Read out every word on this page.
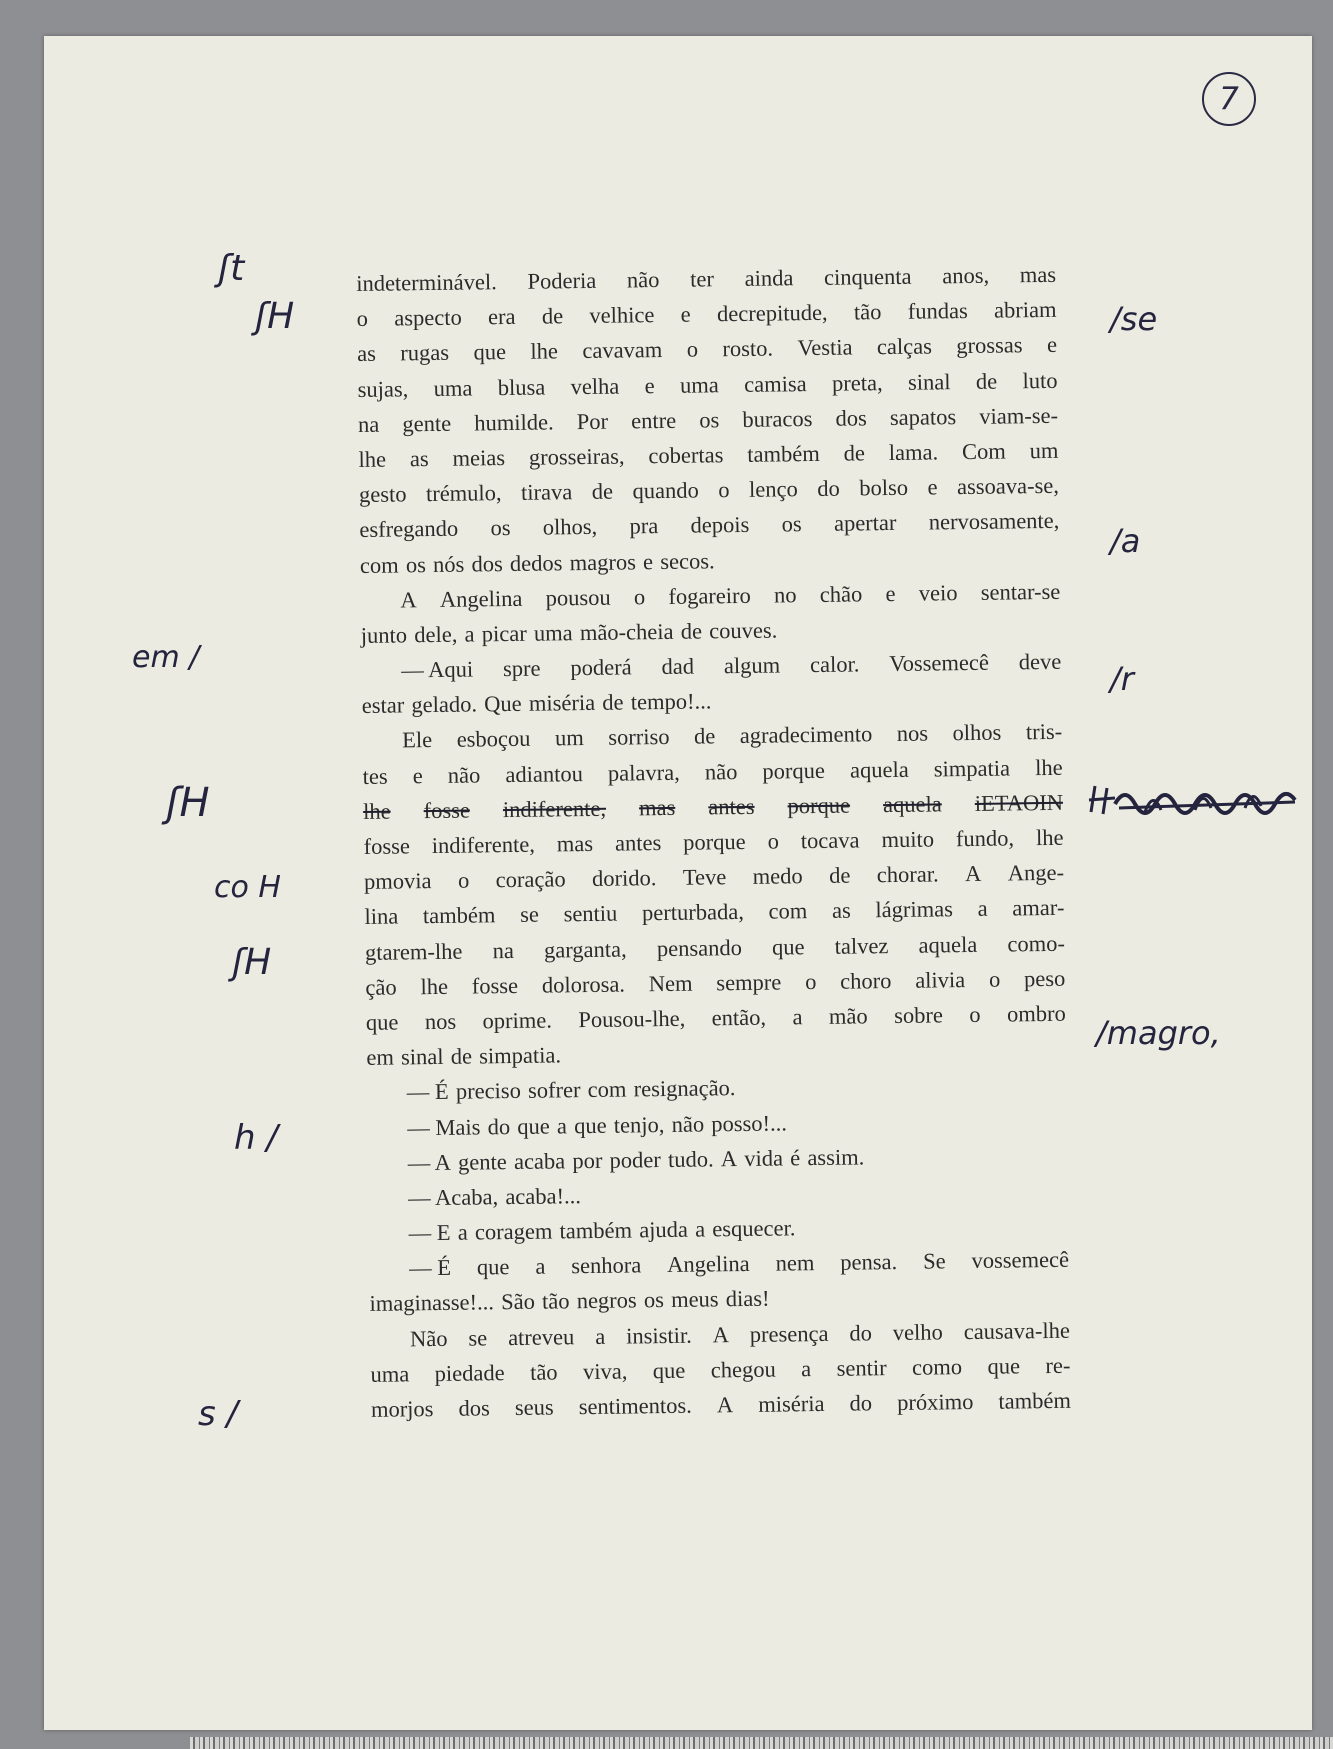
7
indeterminável. Poderia não ter ainda cinquenta anos, mas
o aspecto era de velhice e decrepitude, tão fundas abriam
as rugas que lhe cavavam o rosto. Vestia calças grossas e
sujas, uma blusa velha e uma camisa preta, sinal de luto
na gente humilde. Por entre os buracos dos sapatos viam-se-
lhe as meias grosseiras, cobertas também de lama. Com um
gesto trémulo, tirava de quando o lenço do bolso e assoava-se,
esfregando os olhos, pra depois os apertar nervosamente,
com os nós dos dedos magros e secos.
A Angelina pousou o fogareiro no chão e veio sentar-se
junto dele, a picar uma mão-cheia de couves.
— Aqui spre poderá dad algum calor. Vossemecê deve
estar gelado. Que miséria de tempo!...
Ele esboçou um sorriso de agradecimento nos olhos tris-
tes e não adiantou palavra, não porque aquela simpatia lhe
lhe fosse indiferente, mas antes porque aquela iETAOIN
fosse indiferente, mas antes porque o tocava muito fundo, lhe
pmovia o coração dorido. Teve medo de chorar. A Ange-
lina também se sentiu perturbada, com as lágrimas a amar-
gtarem-lhe na garganta, pensando que talvez aquela como-
ção lhe fosse dolorosa. Nem sempre o choro alivia o peso
que nos oprime. Pousou-lhe, então, a mão sobre o ombro
em sinal de simpatia.
— É preciso sofrer com resignação.
— Mais do que a que tenjo, não posso!...
— A gente acaba por poder tudo. A vida é assim.
— Acaba, acaba!...
— E a coragem também ajuda a esquecer.
— É que a senhora Angelina nem pensa. Se vossemecê
imaginasse!... São tão negros os meus dias!
Não se atreveu a insistir. A presença do velho causava-lhe
uma piedade tão viva, que chegou a sentir como que re-
morjos dos seus sentimentos. A miséria do próximo também
ʃt
ʃH
em /
ʃH
co H
ʃH
h /
s /
/se
/a
/r
/magro,
